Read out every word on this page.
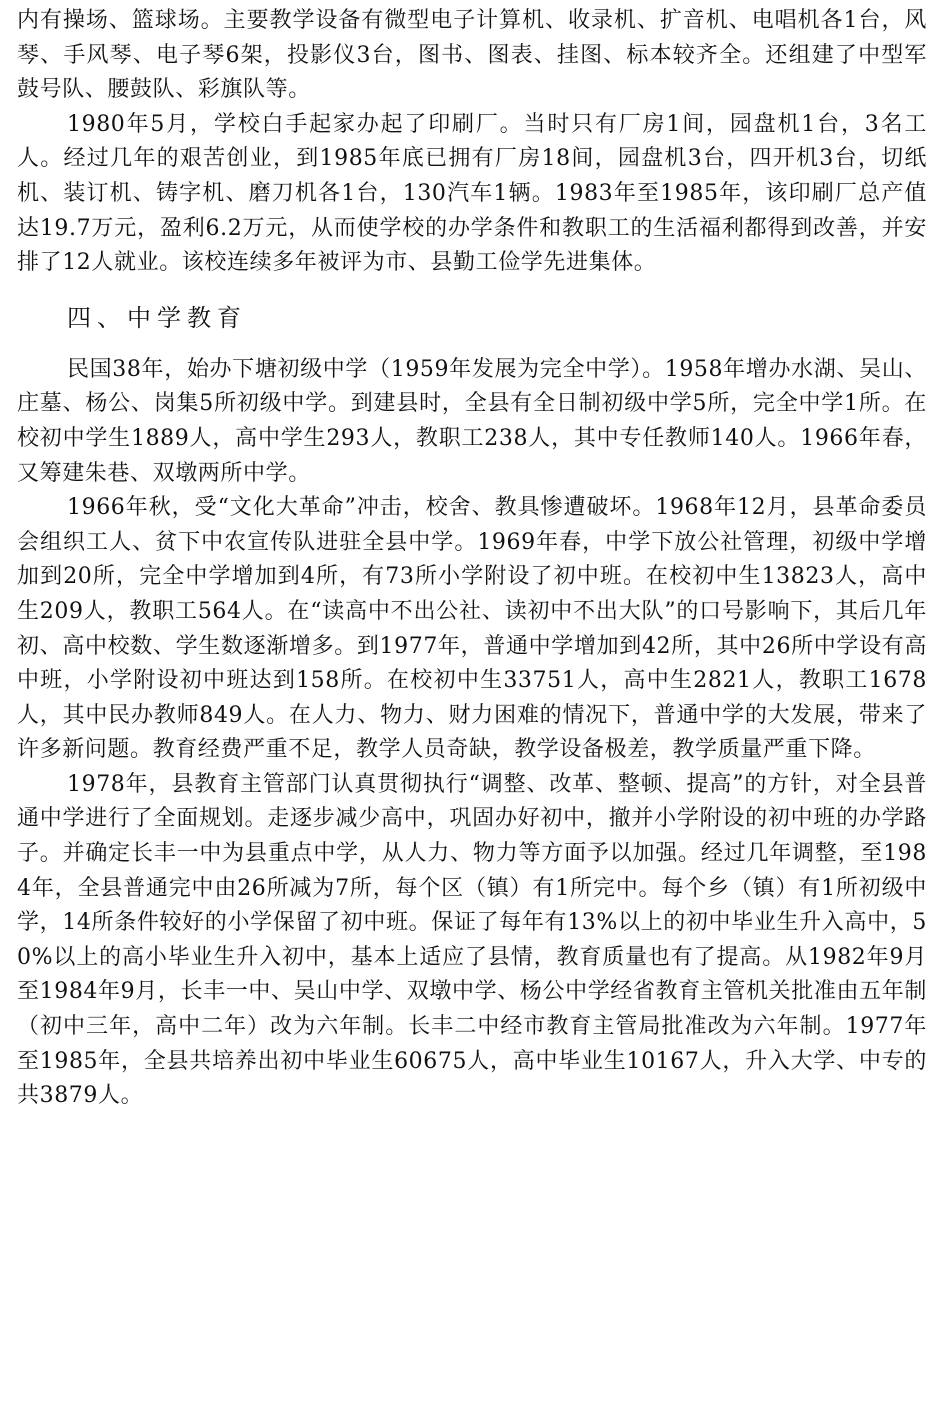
内有操场、篮球场。主要教学设备有微型电子计算机、收录机、扩音机、电唱机各1台，风琴、手风琴、电子琴6架，投影仪3台，图书、图表、挂图、标本较齐全。还组建了中型军鼓号队、腰鼓队、彩旗队等。

1980年5月，学校白手起家办起了印刷厂。当时只有厂房1间，园盘机1台，3名工人。经过几年的艰苦创业，到1985年底已拥有厂房18间，园盘机3台，四开机3台，切纸机、装订机、铸字机、磨刀机各1台，130汽车1辆。1983年至1985年，该印刷厂总产值达19.7万元，盈利6.2万元，从而使学校的办学条件和教职工的生活福利都得到改善，并安排了12人就业。该校连续多年被评为市、县勤工俭学先进集体。

四、中学教育

民国38年，始办下塘初级中学（1959年发展为完全中学）。1958年增办水湖、吴山、庄墓、杨公、岗集5所初级中学。到建县时，全县有全日制初级中学5所，完全中学1所。在校初中学生1889人，高中学生293人，教职工238人，其中专任教师140人。1966年春，又筹建朱巷、双墩两所中学。

1966年秋，受“文化大革命”冲击，校舍、教具惨遭破坏。1968年12月，县革命委员会组织工人、贫下中农宣传队进驻全县中学。1969年春，中学下放公社管理，初级中学增加到20所，完全中学增加到4所，有73所小学附设了初中班。在校初中生13823人，高中生209人，教职工564人。在“读高中不出公社、读初中不出大队”的口号影响下，其后几年初、高中校数、学生数逐渐增多。到1977年，普通中学增加到42所，其中26所中学设有高中班，小学附设初中班达到158所。在校初中生33751人，高中生2821人，教职工1678人，其中民办教师849人。在人力、物力、财力困难的情况下，普通中学的大发展，带来了许多新问题。教育经费严重不足，教学人员奇缺，教学设备极差，教学质量严重下降。

1978年，县教育主管部门认真贯彻执行“调整、改革、整顿、提高”的方针，对全县普通中学进行了全面规划。走逐步减少高中，巩固办好初中，撤并小学附设的初中班的办学路子。并确定长丰一中为县重点中学，从人力、物力等方面予以加强。经过几年调整，至1984年，全县普通完中由26所减为7所，每个区（镇）有1所完中。每个乡（镇）有1所初级中学，14所条件较好的小学保留了初中班。保证了每年有13%以上的初中毕业生升入高中，50%以上的高小毕业生升入初中，基本上适应了县情，教育质量也有了提高。从1982年9月至1984年9月，长丰一中、吴山中学、双墩中学、杨公中学经省教育主管机关批准由五年制（初中三年，高中二年）改为六年制。长丰二中经市教育主管局批准改为六年制。1977年至1985年，全县共培养出初中毕业生60675人，高中毕业生10167人，升入大学、中专的共3879人。
